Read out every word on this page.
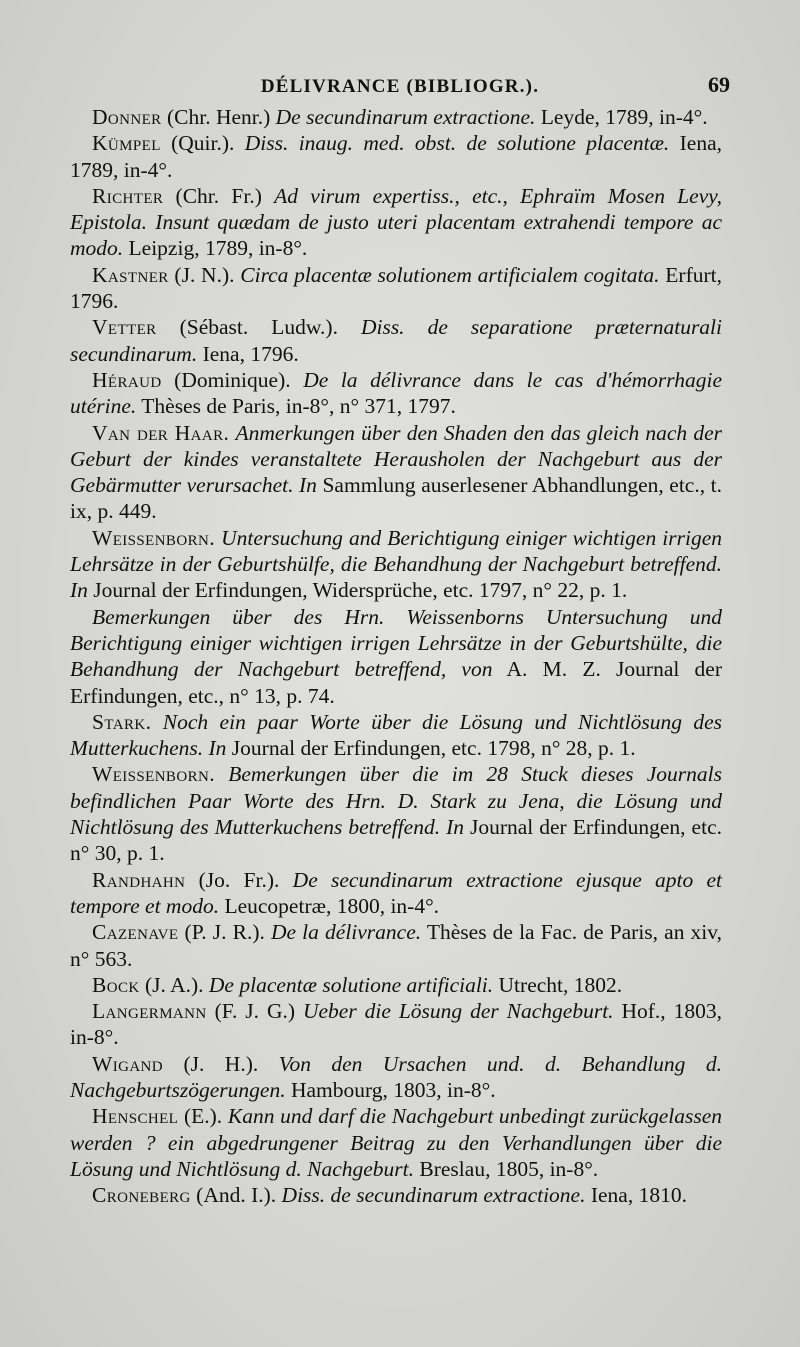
DÉLIVRANCE (BIBLIOGR.).	69

Donner (Chr. Henr.) De secundinarum extractione. Leyde, 1789, in-4°.

Kümpel (Quir.). Diss. inaug. med. obst. de solutione placentæ. Iena, 1789, in-4°.

Richter (Chr. Fr.) Ad virum expertiss., etc., Ephraïm Mosen Levy, Epistola. Insunt quædam de justo uteri placentam extrahendi tempore ac modo. Leipzig, 1789, in-8°.

Kastner (J. N.). Circa placentæ solutionem artificialem cogitata. Erfurt, 1796.

Vetter (Sébast. Ludw.). Diss. de separatione præternaturali secundinarum. Iena, 1796.

Héraud (Dominique). De la délivrance dans le cas d'hémorrhagie utérine. Thèses de Paris, in-8°, n° 371, 1797.

Van der Haar. Anmerkungen über den Shaden den das gleich nach der Geburt der kindes veranstaltete Herausholen der Nachgeburt aus der Gebärmutter verursachet. In Sammlung auserlesener Abhandlungen, etc., t. ix, p. 449.

Weissenborn. Untersuchung and Berichtigung einiger wichtigen irrigen Lehrsätze in der Geburtshülfe, die Behandhung der Nachgeburt betreffend. In Journal der Erfindungen, Widersprüche, etc. 1797, n° 22, p. 1.

Bemerkungen über des Hrn. Weissenborns Untersuchung und Berichtigung einiger wichtigen irrigen Lehrsätze in der Geburtshülte, die Behandhung der Nachgeburt betreffend, von A. M. Z. Journal der Erfindungen, etc., n° 13, p. 74.

Stark. Noch ein paar Worte über die Lösung und Nichtlösung des Mutterkuchens. In Journal der Erfindungen, etc. 1798, n° 28, p. 1.

Weissenborn. Bemerkungen über die im 28 Stuck dieses Journals befindlichen Paar Worte des Hrn. D. Stark zu Jena, die Lösung und Nichtlösung des Mutterkuchens betreffend. In Journal der Erfindungen, etc. n° 30, p. 1.

Randhahn (Jo. Fr.). De secundinarum extractione ejusque apto et tempore et modo. Leucopetræ, 1800, in-4°.

Cazenave (P. J. R.). De la délivrance. Thèses de la Fac. de Paris, an xiv, n° 563.

Bock (J. A.). De placentæ solutione artificiali. Utrecht, 1802.

Langermann (F. J. G.) Ueber die Lösung der Nachgeburt. Hof., 1803, in-8°.

Wigand (J. H.). Von den Ursachen und. d. Behandlung d. Nachgeburtszögerungen. Hambourg, 1803, in-8°.

Henschel (E.). Kann und darf die Nachgeburt unbedingt zurückgelassen werden ? ein abgedrungener Beitrag zu den Verhandlungen über die Lösung und Nichtlösung d. Nachgeburt. Breslau, 1805, in-8°.

Croneberg (And. I.). Diss. de secundinarum extractione. Iena, 1810.
